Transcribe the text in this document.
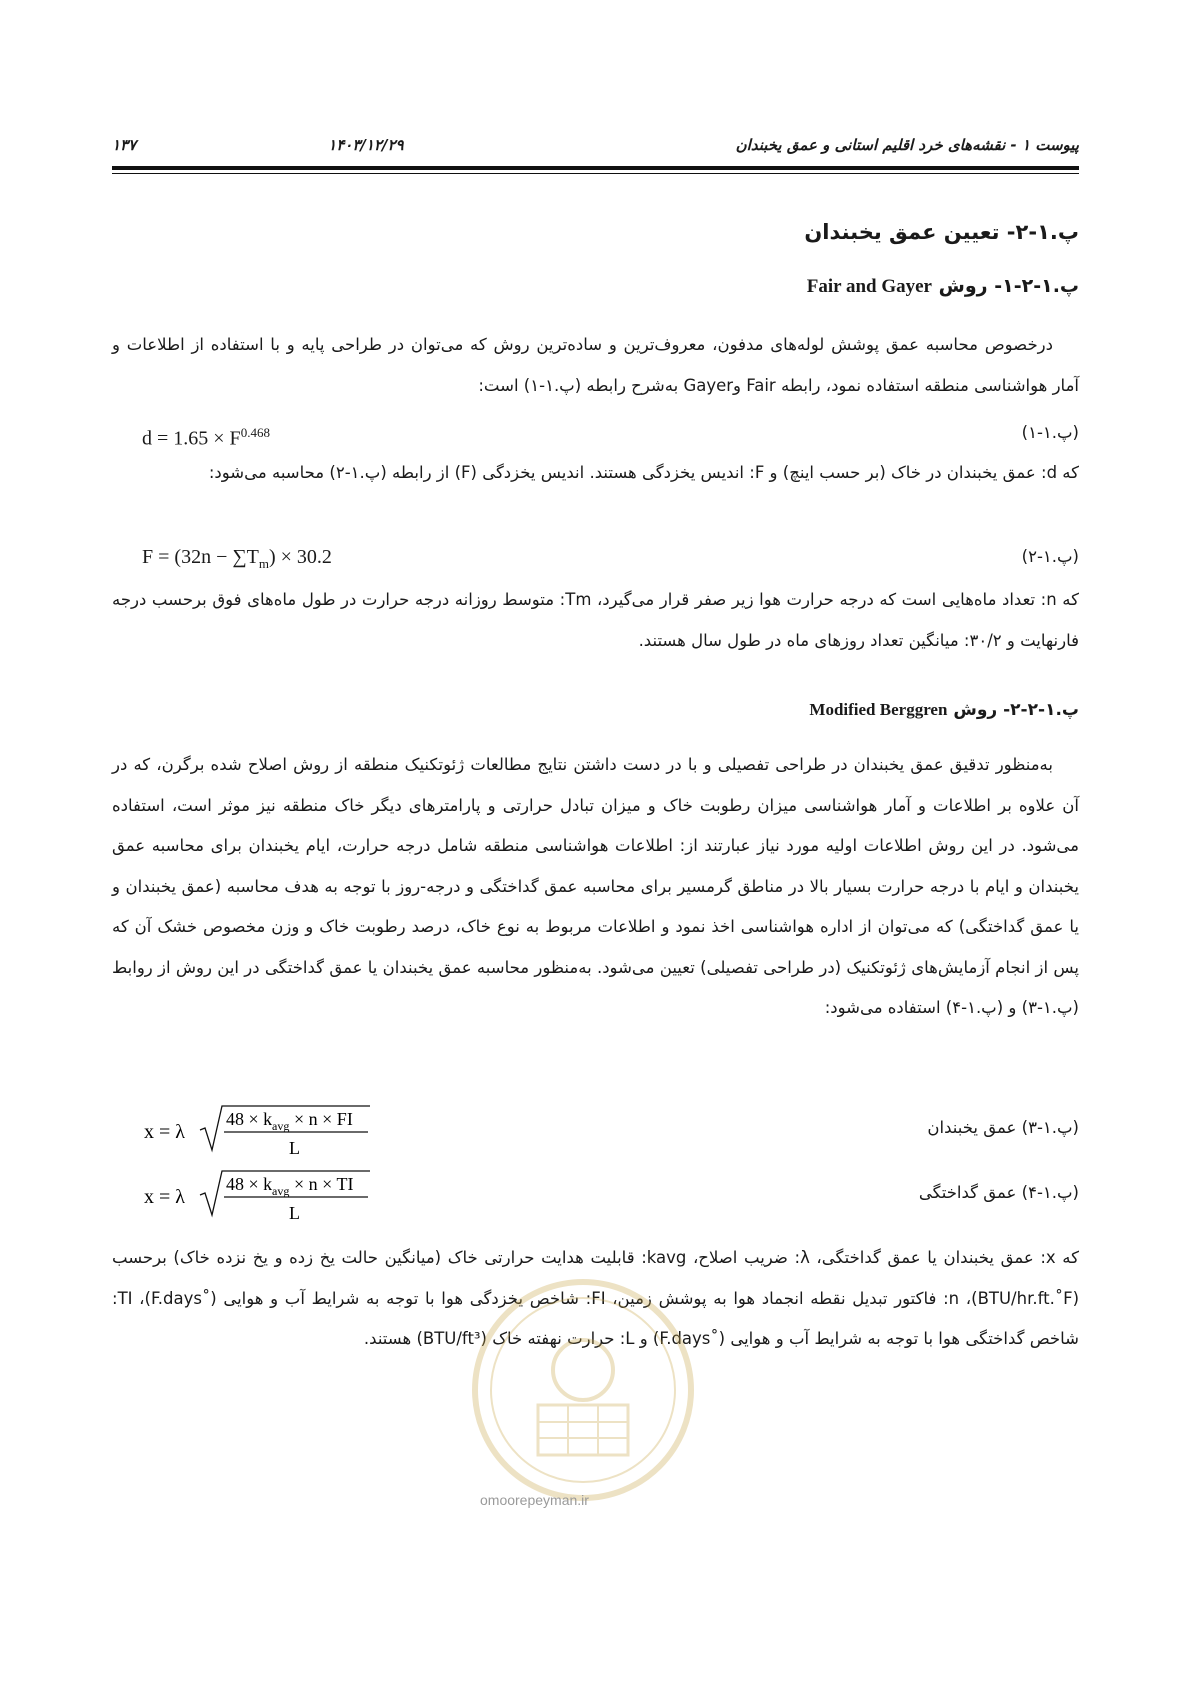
پیوست ۱ - نقشه‌های خرد اقلیم استانی و عمق یخبندان
۱۴۰۳/۱۲/۲۹
۱۳۷
پ.۱-۲- تعیین عمق یخبندان
پ.۱-۲-۱- روش Fair and Gayer
درخصوص محاسبه عمق پوشش لوله‌های مدفون، معروف‌ترین و ساده‌ترین روش که می‌توان در طراحی پایه و با استفاده از اطلاعات و آمار هواشناسی منطقه استفاده نمود، رابطه Fair وGayer به‌شرح رابطه (پ.۱-۱) است:
(پ.۱-۱)
$d = 1.65 \times F^{0.468}$
که d: عمق یخبندان در خاک (بر حسب اینچ) و F: اندیس یخزدگی هستند. اندیس یخزدگی (F) از رابطه (پ.۱-۲) محاسبه می‌شود:
(پ.۱-۲)
$F = (32n - \sum T_m) \times 30.2$
که n: تعداد ماه‌هایی است که درجه حرارت هوا زیر صفر قرار می‌گیرد، Tm: متوسط روزانه درجه حرارت در طول ماه‌های فوق برحسب درجه فارنهایت و ۳۰/۲: میانگین تعداد روزهای ماه در طول سال هستند.
پ.۱-۲-۲- روش Modified Berggren
به‌منظور تدقیق عمق یخبندان در طراحی تفصیلی و با در دست داشتن نتایج مطالعات ژئوتکنیک منطقه از روش اصلاح شده برگرن، که در آن علاوه بر اطلاعات و آمار هواشناسی میزان رطوبت خاک و میزان تبادل حرارتی و پارامترهای دیگر خاک منطقه نیز موثر است، استفاده می‌شود. در این روش اطلاعات اولیه مورد نیاز عبارتند از: اطلاعات هواشناسی منطقه شامل درجه حرارت، ایام یخبندان برای محاسبه عمق یخبندان و ایام با درجه حرارت بسیار بالا در مناطق گرمسیر برای محاسبه عمق گداختگی و درجه-روز با توجه به هدف محاسبه (عمق یخبندان و یا عمق گداختگی) که می‌توان از اداره هواشناسی اخذ نمود و اطلاعات مربوط به نوع خاک، درصد رطوبت خاک و وزن مخصوص خشک آن که پس از انجام آزمایش‌های ژئوتکنیک (در طراحی تفصیلی) تعیین می‌شود. به‌منظور محاسبه عمق یخبندان یا عمق گداختگی در این روش از روابط (پ.۱-۳) و (پ.۱-۴) استفاده می‌شود:
(پ.۱-۳) عمق یخبندان
x = λ
48 × k avg × n × FI
L
(پ.۱-۴) عمق گداختگی
x = λ
48 × k avg × n × TI
L
که x: عمق یخبندان یا عمق گداختگی، λ: ضریب اصلاح، kavg: قابلیت هدایت حرارتی خاک (میانگین حالت یخ زده و یخ نزده خاک) برحسب (BTU/hr.ft.˚F)، n: فاکتور تبدیل نقطه انجماد هوا به پوشش زمین، FI: شاخص یخزدگی هوا با توجه به شرایط آب و هوایی (˚F.days)، TI: شاخص گداختگی هوا با توجه به شرایط آب و هوایی (˚F.days) و L: حرارت نهفته خاک (BTU/ft³) هستند.
omoorepeyman.ir
